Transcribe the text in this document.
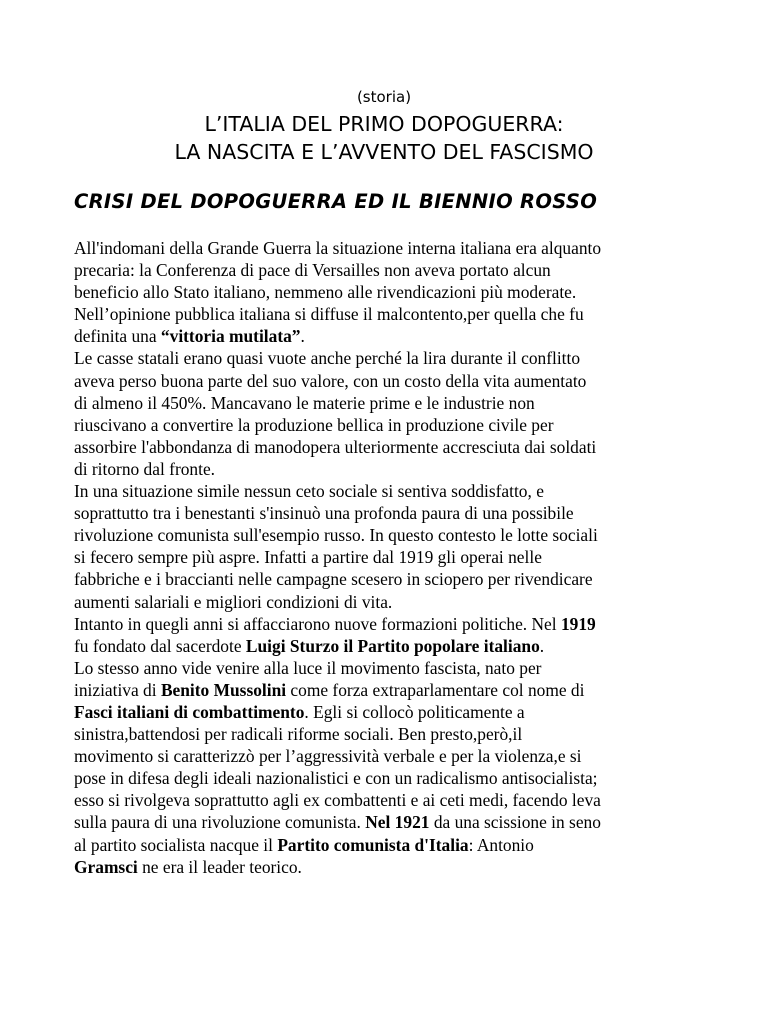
(storia)
L’ITALIA DEL PRIMO DOPOGUERRA:
LA NASCITA E L’AVVENTO DEL FASCISMO
CRISI DEL DOPOGUERRA ED IL BIENNIO ROSSO
All'indomani della Grande Guerra la situazione interna italiana era alquanto
precaria: la Conferenza di pace di Versailles non aveva portato alcun
beneficio allo Stato italiano, nemmeno alle rivendicazioni più moderate.
Nell’opinione pubblica italiana si diffuse il malcontento,per quella che fu
definita una “vittoria mutilata”.
Le casse statali erano quasi vuote anche perché la lira durante il conflitto
aveva perso buona parte del suo valore, con un costo della vita aumentato
di almeno il 450%. Mancavano le materie prime e le industrie non
riuscivano a convertire la produzione bellica in produzione civile per
assorbire l'abbondanza di manodopera ulteriormente accresciuta dai soldati
di ritorno dal fronte.
In una situazione simile nessun ceto sociale si sentiva soddisfatto, e
soprattutto tra i benestanti s'insinuò una profonda paura di una possibile
rivoluzione comunista sull'esempio russo. In questo contesto le lotte sociali
si fecero sempre più aspre. Infatti a partire dal 1919 gli operai nelle
fabbriche e i braccianti nelle campagne scesero in sciopero per rivendicare
aumenti salariali e migliori condizioni di vita.
Intanto in quegli anni si affacciarono nuove formazioni politiche. Nel 1919
fu fondato dal sacerdote Luigi Sturzo il Partito popolare italiano.
Lo stesso anno vide venire alla luce il movimento fascista, nato per
iniziativa di Benito Mussolini come forza extraparlamentare col nome di
Fasci italiani di combattimento. Egli si collocò politicamente a
sinistra,battendosi per radicali riforme sociali. Ben presto,però,il
movimento si caratterizzò per l’aggressività verbale e per la violenza,e si
pose in difesa degli ideali nazionalistici e con un radicalismo antisocialista;
esso si rivolgeva soprattutto agli ex combattenti e ai ceti medi, facendo leva
sulla paura di una rivoluzione comunista. Nel 1921 da una scissione in seno
al partito socialista nacque il Partito comunista d'Italia: Antonio
Gramsci ne era il leader teorico.
